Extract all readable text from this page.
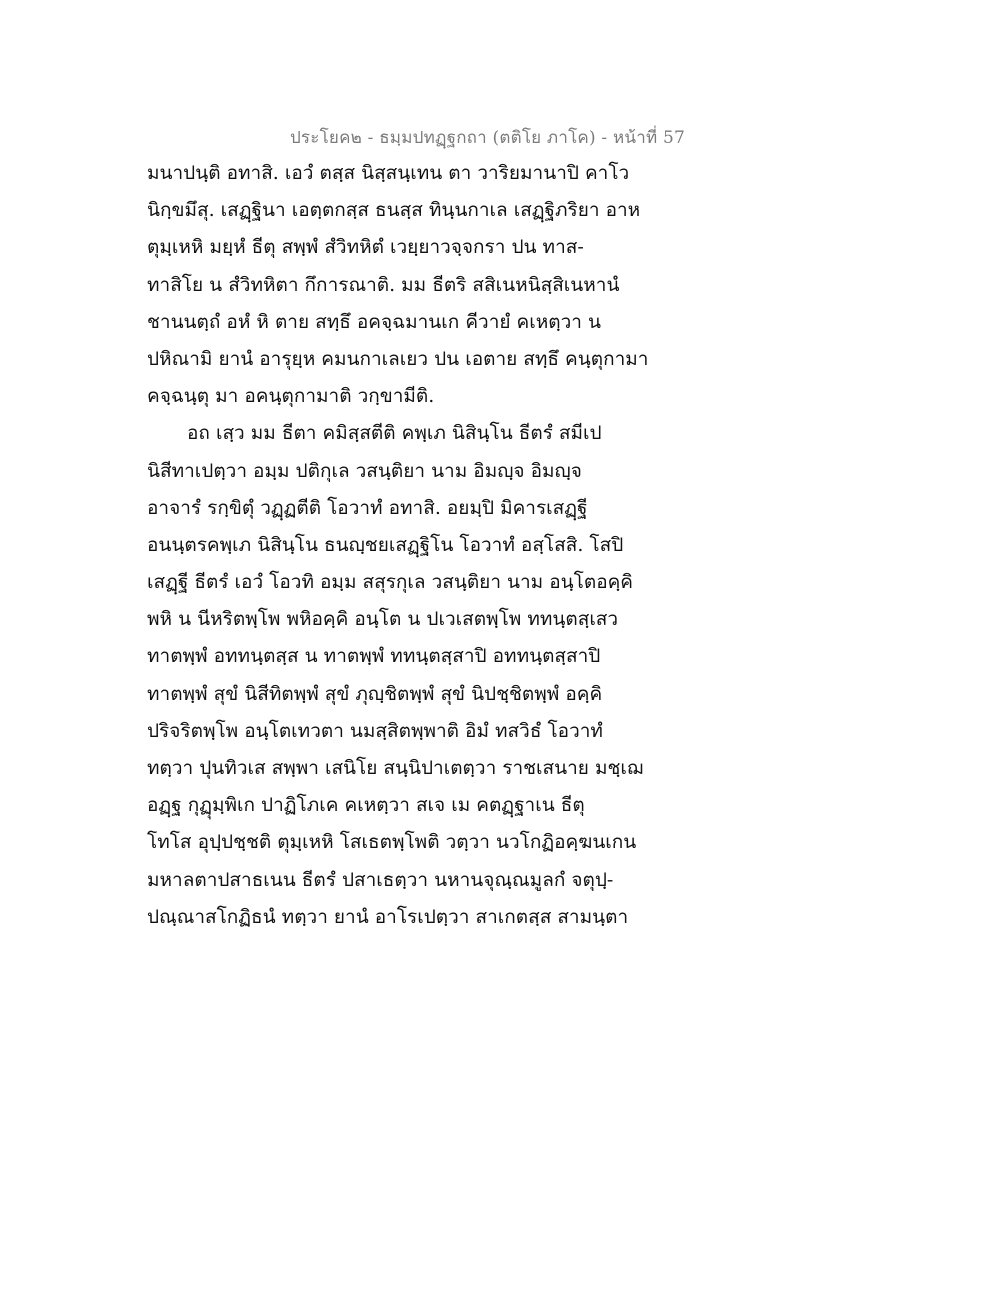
ประโยค๒ - ธมฺมปทฏฺฐกถา (ตติโย ภาโค) - หน้าที่ 57
มนาปนฺติ อทาสิ. เอวํ ตสฺส นิสฺสนฺเทน ตา วาริยมานาปิ คาโว
นิกฺขมึสุ. เสฏฺฐินา เอตฺตกสฺส ธนสฺส ทินฺนกาเล เสฏฺฐิภริยา อาห
ตุมฺเหหิ มยฺหํ ธีตุ สพฺพํ สํวิทหิตํ เวยฺยาวจฺจกรา ปน ทาส-
ทาสิโย น สํวิทหิตา กึการณาติ. มม ธีตริ สสิเนหนิสฺสิเนหานํ
ชานนตฺถํ อหํ หิ ตาย สทฺธึ อคจฺฉมานเก คีวายํ คเหตฺวา น
ปหิณามิ ยานํ อารุยฺห คมนกาเลเยว ปน เอตาย สทฺธึ คนฺตุกามา
คจฺฉนฺตุ มา อคนฺตุกามาติ วกฺขามีติ.
อถ เสฺว มม ธีตา คมิสฺสตีติ คพฺเภ นิสินฺโน ธีตรํ สมีเป
นิสีทาเปตฺวา อมฺม ปติกุเล วสนฺติยา นาม อิมญฺจ อิมญฺจ
อาจารํ รกฺขิตุํ วฏฺฏตีติ โอวาทํ อทาสิ. อยมฺปิ มิคารเสฏฺฐี
อนนฺตรคพฺเภ นิสินฺโน ธนญฺชยเสฏฺฐิโน โอวาทํ อสฺโสสิ. โสปิ
เสฏฺฐี ธีตรํ เอวํ โอวทิ อมฺม สสุรกุเล วสนฺติยา นาม อนฺโตอคฺคิ
พหิ น นีหริตพฺโพ พหิอคฺคิ อนฺโต น ปเวเสตพฺโพ ททนฺตสฺเสว
ทาตพฺพํ อททนฺตสฺส น ทาตพฺพํ ททนฺตสฺสาปิ อททนฺตสฺสาปิ
ทาตพฺพํ สุขํ นิสีทิตพฺพํ สุขํ ภุญฺชิตพฺพํ สุขํ นิปชฺชิตพฺพํ อคฺคิ
ปริจริตพฺโพ อนฺโตเทวตา นมสฺสิตพฺพาติ อิมํ ทสวิธํ โอวาทํ
ทตฺวา ปุนทิวเส สพฺพา เสนิโย สนฺนิปาเตตฺวา ราชเสนาย มชฺเฌ
อฏฺฐ กุฏุมฺพิเก ปาฏิโภเค คเหตฺวา สเจ เม คตฏฺฐาเน ธีตุ
โทโส อุปฺปชฺชติ ตุมฺเหหิ โสเธตพฺโพติ วตฺวา นวโกฏิอคฺฆนเกน
มหาลตาปสาธเนน ธีตรํ ปสาเธตฺวา นหานจุณฺณมูลกํ จตุปฺ-
ปณฺณาสโกฏิธนํ ทตฺวา ยานํ อาโรเปตฺวา สาเกตสฺส สามนฺตา
